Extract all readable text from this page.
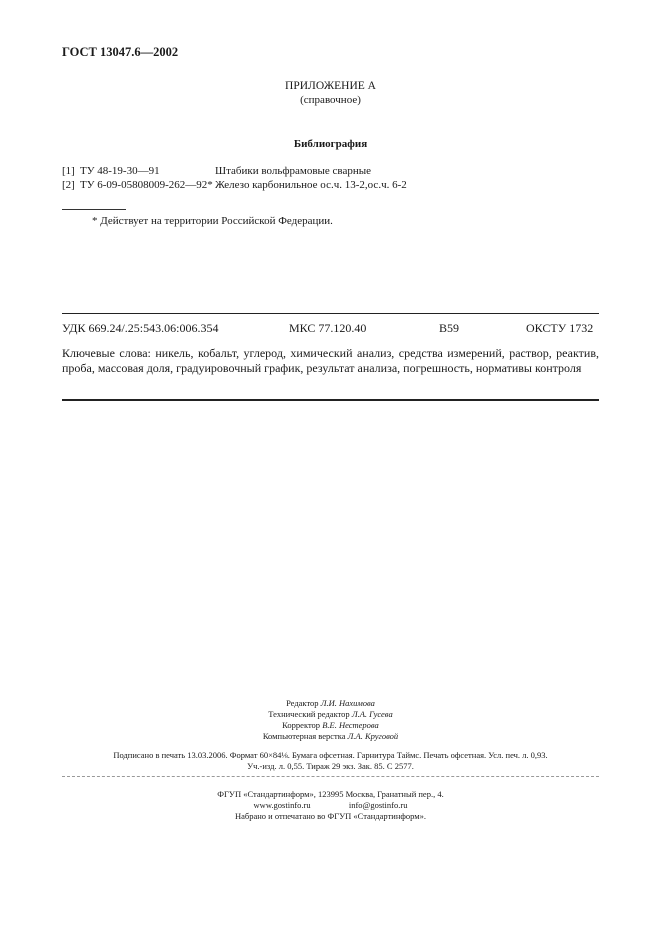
ГОСТ 13047.6—2002
ПРИЛОЖЕНИЕ А
(справочное)
Библиография
[1] ТУ 48-19-30—91	Штабики вольфрамовые сварные
[2] ТУ 6-09-05808009-262—92* Железо карбонильное ос.ч. 13-2,ос.ч. 6-2
* Действует на территории Российской Федерации.
УДК 669.24/.25:543.06:006.354	МКС 77.120.40	В59	ОКСТУ 1732
Ключевые слова: никель, кобальт, углерод, химический анализ, средства измерений, раствор, реактив, проба, массовая доля, градуировочный график, результат анализа, погрешность, нормативы контроля
Редактор Л.И. Нахимова
Технический редактор Л.А. Гусева
Корректор В.Е. Нестерова
Компьютерная верстка Л.А. Круговой
Подписано в печать 13.03.2006. Формат 60×84⅛. Бумага офсетная. Гарнитура Таймс. Печать офсетная. Усл. печ. л. 0,93.
Уч.-изд. л. 0,55. Тираж 29 экз. Зак. 85. С 2577.
ФГУП «Стандартинформ», 123995 Москва, Гранатный пер., 4.
www.gostinfo.ru                  info@gostinfo.ru
Набрано и отпечатано во ФГУП «Стандартинформ».
